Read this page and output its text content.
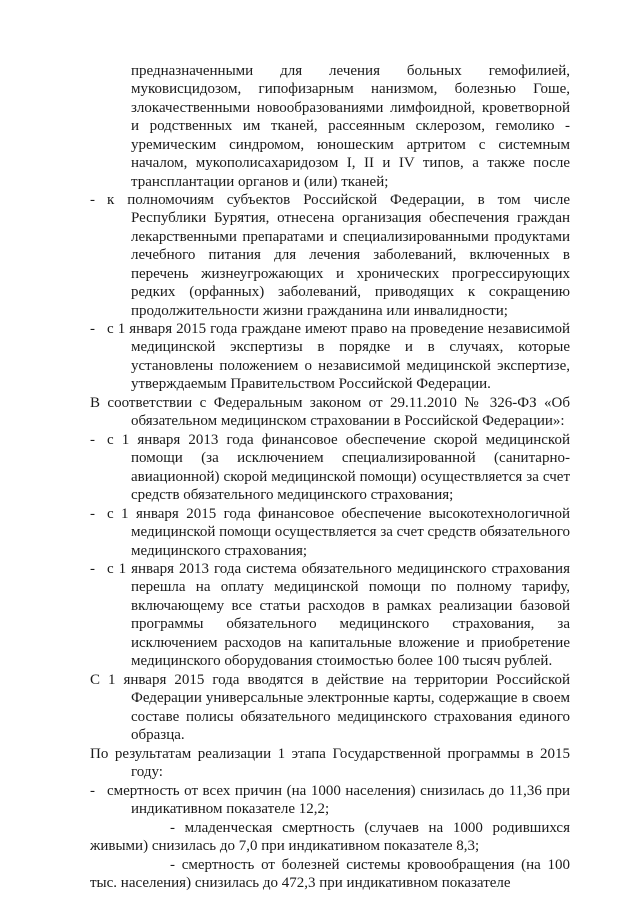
предназначенными для лечения больных гемофилией, муковисцидозом, гипофизарным нанизмом, болезнью Гоше, злокачественными новообразованиями лимфоидной, кроветворной и родственных им тканей, рассеянным склерозом, гемолико - уремическим синдромом, юношеским артритом с системным началом, мукополисахаридозом I, II и IV типов, а также после трансплантации органов и (или) тканей;

- к полномочиям субъектов Российской Федерации, в том числе Республики Бурятия, отнесена организация обеспечения граждан лекарственными препаратами и специализированными продуктами лечебного питания для лечения заболеваний, включенных в перечень жизнеугрожающих и хронических прогрессирующих редких (орфанных) заболеваний, приводящих к сокращению продолжительности жизни гражданина или инвалидности;

- с 1 января 2015 года граждане имеют право на проведение независимой медицинской экспертизы в порядке и в случаях, которые установлены положением о независимой медицинской экспертизе, утверждаемым Правительством Российской Федерации.

В соответствии с Федеральным законом от 29.11.2010 № 326-ФЗ «Об обязательном медицинском страховании в Российской Федерации»:

- с 1 января 2013 года финансовое обеспечение скорой медицинской помощи (за исключением специализированной (санитарно-авиационной) скорой медицинской помощи) осуществляется за счет средств обязательного медицинского страхования;

- с 1 января 2015 года финансовое обеспечение высокотехнологичной медицинской помощи осуществляется за счет средств обязательного медицинского страхования;

- с 1 января 2013 года система обязательного медицинского страхования перешла на оплату медицинской помощи по полному тарифу, включающему все статьи расходов в рамках реализации базовой программы обязательного медицинского страхования, за исключением расходов на капитальные вложение и приобретение медицинского оборудования стоимостью более 100 тысяч рублей.

С 1 января 2015 года вводятся в действие на территории Российской Федерации универсальные электронные карты, содержащие в своем составе полисы обязательного медицинского страхования единого образца.

По результатам реализации 1 этапа Государственной программы в 2015 году:

- смертность от всех причин (на 1000 населения) снизилась до 11,36 при индикативном показателе 12,2;

- младенческая смертность (случаев на 1000 родившихся живыми) снизилась до 7,0 при индикативном показателе 8,3;

- смертность от болезней системы кровообращения (на 100 тыс. населения) снизилась до 472,3 при индикативном показателе
